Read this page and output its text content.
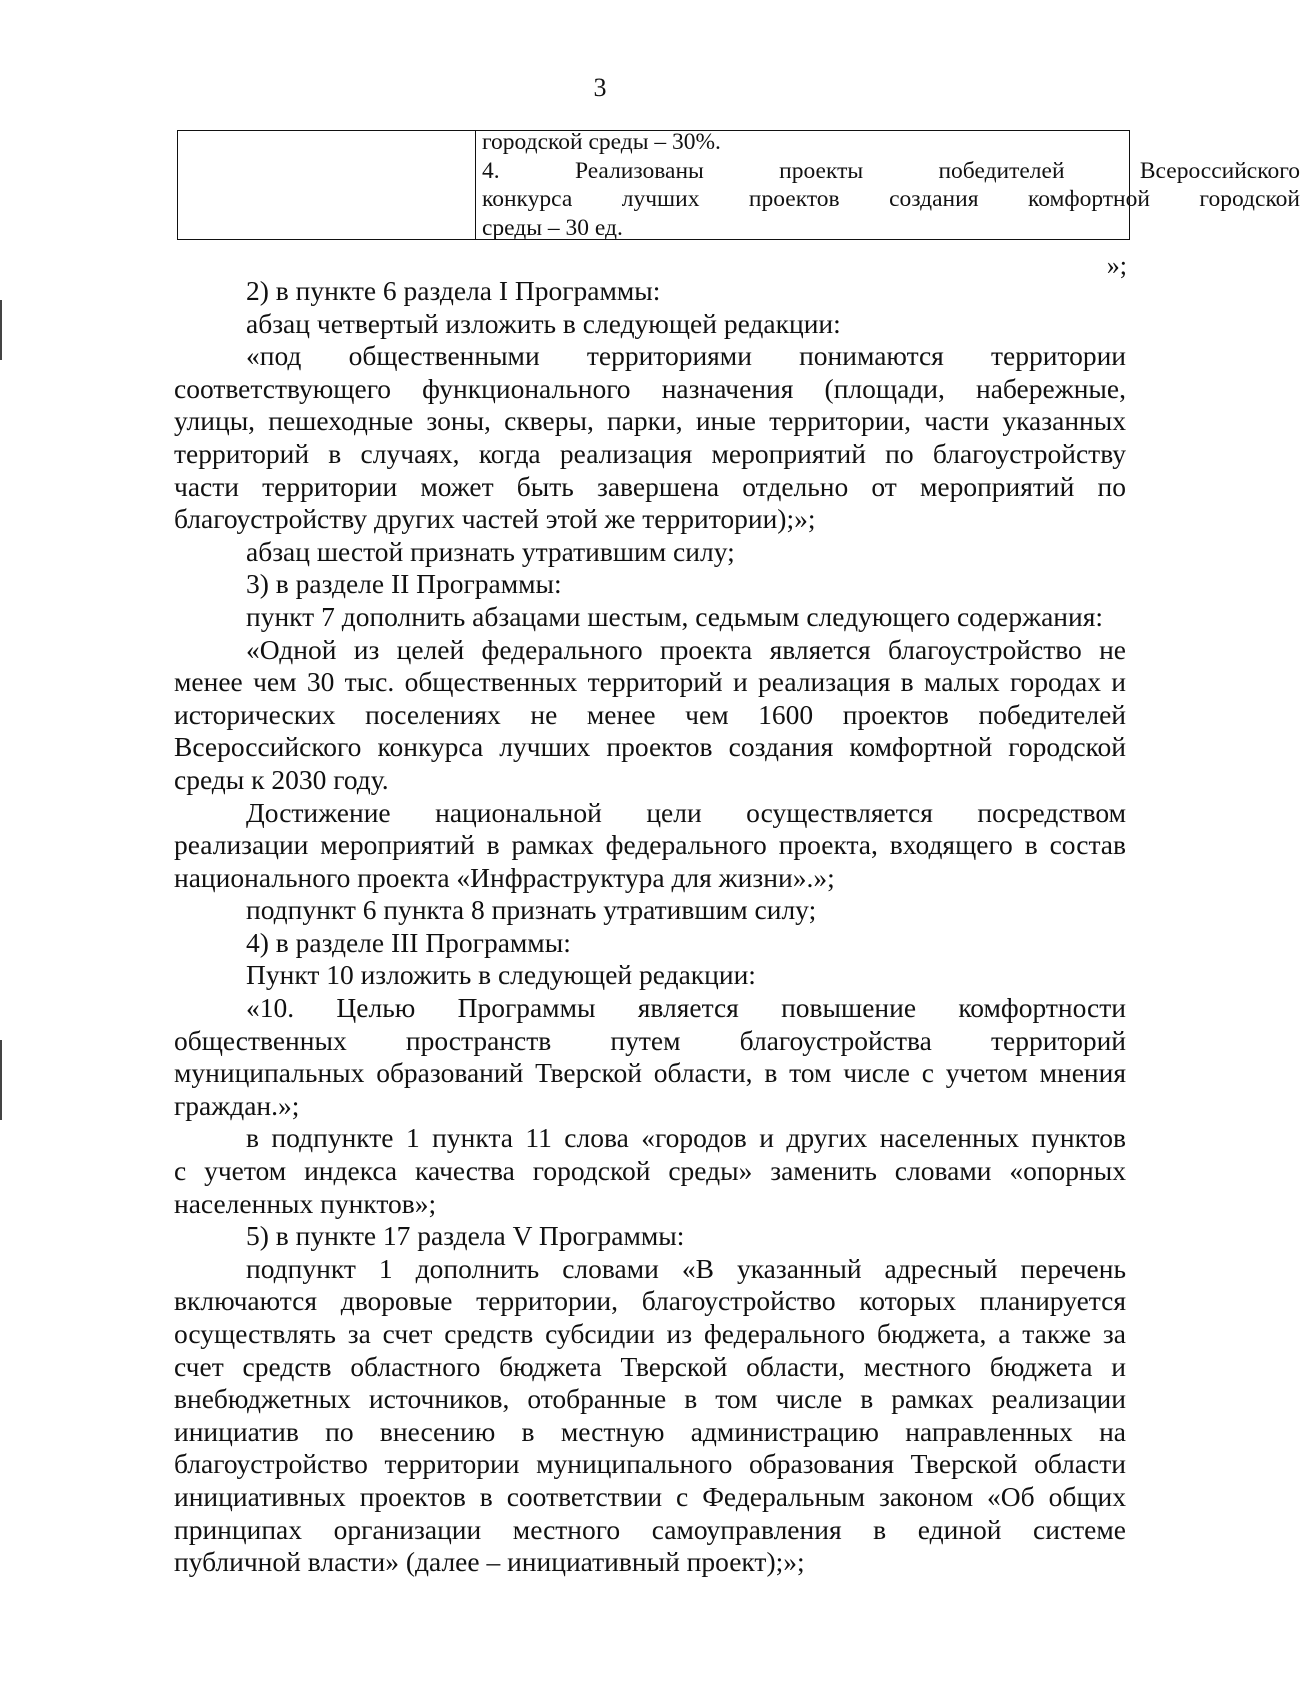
3
городской среды – 30%.
4. Реализованы проекты победителей Всероссийского
конкурса лучших проектов создания комфортной городской
среды – 30 ед.
»;
2) в пункте 6 раздела I Программы:
абзац четвертый изложить в следующей редакции:
«под общественными территориями понимаются территории
соответствующего функционального назначения (площади, набережные,
улицы, пешеходные зоны, скверы, парки, иные территории, части указанных
территорий в случаях, когда реализация мероприятий по благоустройству
части территории может быть завершена отдельно от мероприятий по
благоустройству других частей этой же территории);»;
абзац шестой признать утратившим силу;
3) в разделе II Программы:
пункт 7 дополнить абзацами шестым, седьмым следующего содержания:
«Одной из целей федерального проекта является благоустройство не
менее чем 30 тыс. общественных территорий и реализация в малых городах и
исторических поселениях не менее чем 1600 проектов победителей
Всероссийского конкурса лучших проектов создания комфортной городской
среды к 2030 году.
Достижение национальной цели осуществляется посредством
реализации мероприятий в рамках федерального проекта, входящего в состав
национального проекта «Инфраструктура для жизни».»;
подпункт 6 пункта 8 признать утратившим силу;
4) в разделе III Программы:
Пункт 10 изложить в следующей редакции:
«10. Целью Программы является повышение комфортности
общественных пространств путем благоустройства территорий
муниципальных образований Тверской области, в том числе с учетом мнения
граждан.»;
в подпункте 1 пункта 11 слова «городов и других населенных пунктов
с учетом индекса качества городской среды» заменить словами «опорных
населенных пунктов»;
5) в пункте 17 раздела V Программы:
подпункт 1 дополнить словами «В указанный адресный перечень
включаются дворовые территории, благоустройство которых планируется
осуществлять за счет средств субсидии из федерального бюджета, а также за
счет средств областного бюджета Тверской области, местного бюджета и
внебюджетных источников, отобранные в том числе в рамках реализации
инициатив по внесению в местную администрацию направленных на
благоустройство территории муниципального образования Тверской области
инициативных проектов в соответствии с Федеральным законом «Об общих
принципах организации местного самоуправления в единой системе
публичной власти» (далее – инициативный проект);»;
